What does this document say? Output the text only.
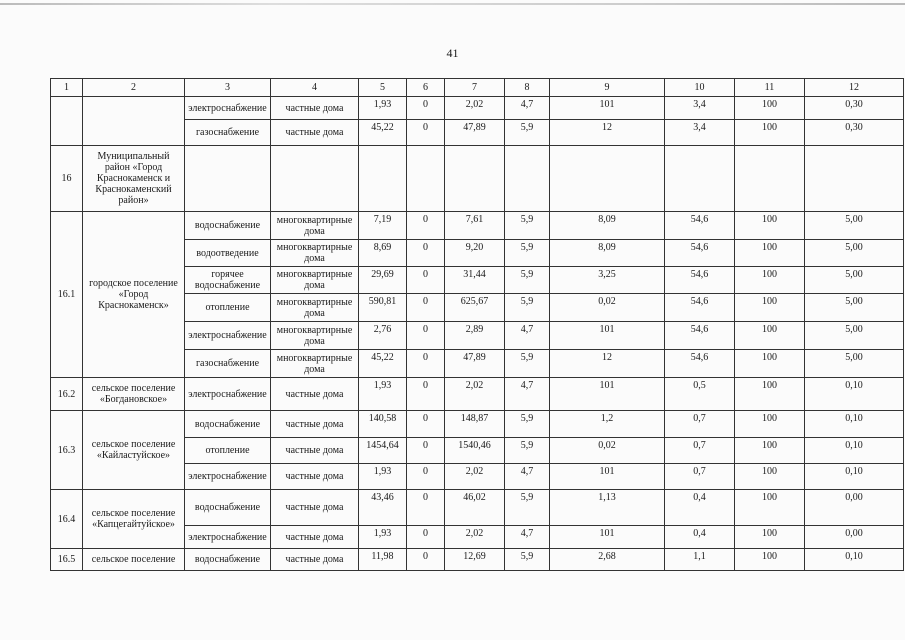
41
1	2	3	4	5	6	7	8	9	10	11	12
		электроснабжение	частные дома	1,93	0	2,02	4,7	101	3,4	100	0,30
		газоснабжение	частные дома	45,22	0	47,89	5,9	12	3,4	100	0,30
16	Муниципальный район «Город Краснокаменск и Краснокаменский район»										
16.1	городское поселение «Город Краснокаменск»	водоснабжение	многоквартирные дома	7,19	0	7,61	5,9	8,09	54,6	100	5,00
		водоотведение	многоквартирные дома	8,69	0	9,20	5,9	8,09	54,6	100	5,00
		горячее водоснабжение	многоквартирные дома	29,69	0	31,44	5,9	3,25	54,6	100	5,00
		отопление	многоквартирные дома	590,81	0	625,67	5,9	0,02	54,6	100	5,00
		электроснабжение	многоквартирные дома	2,76	0	2,89	4,7	101	54,6	100	5,00
		газоснабжение	многоквартирные дома	45,22	0	47,89	5,9	12	54,6	100	5,00
16.2	сельское поселение «Богдановское»	электроснабжение	частные дома	1,93	0	2,02	4,7	101	0,5	100	0,10
16.3	сельское поселение «Кайластуйское»	водоснабжение	частные дома	140,58	0	148,87	5,9	1,2	0,7	100	0,10
		отопление	частные дома	1454,64	0	1540,46	5,9	0,02	0,7	100	0,10
		электроснабжение	частные дома	1,93	0	2,02	4,7	101	0,7	100	0,10
16.4	сельское поселение «Капцегайтуйское»	водоснабжение	частные дома	43,46	0	46,02	5,9	1,13	0,4	100	0,00
		электроснабжение	частные дома	1,93	0	2,02	4,7	101	0,4	100	0,00
16.5	сельское поселение	водоснабжение	частные дома	11,98	0	12,69	5,9	2,68	1,1	100	0,10
